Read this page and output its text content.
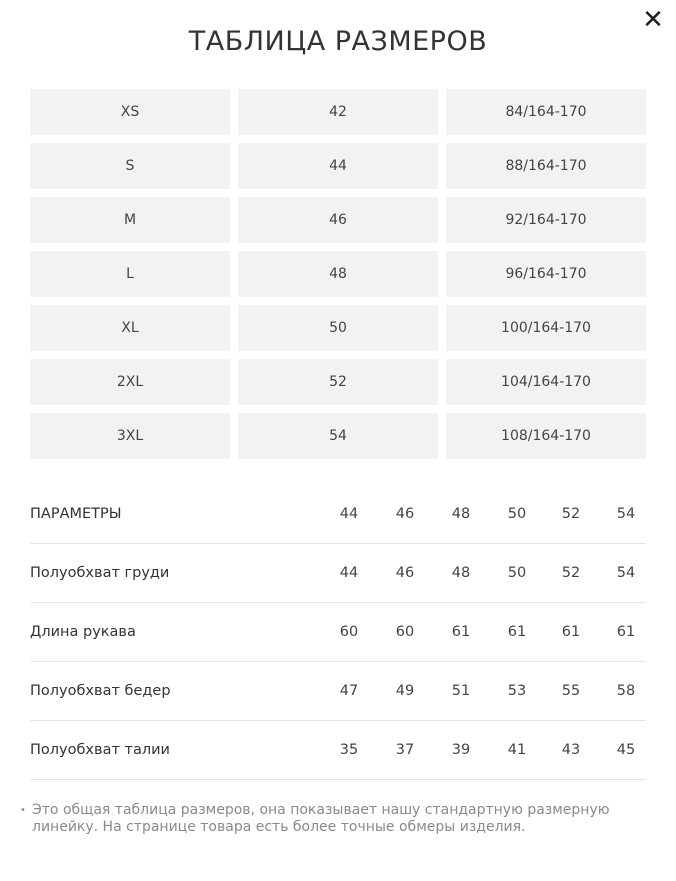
✕
ТАБЛИЦА РАЗМЕРОВ
XS	42	84/164-170
S	44	88/164-170
M	46	92/164-170
L	48	96/164-170
XL	50	100/164-170
2XL	52	104/164-170
3XL	54	108/164-170
ПАРАМЕТРЫ	44	46	48	50	52	54
Полуобхват груди	44	46	48	50	52	54
Длина рукава	60	60	61	61	61	61
Полуобхват бедер	47	49	51	53	55	58
Полуобхват талии	35	37	39	41	43	45
• Это общая таблица размеров, она показывает нашу стандартную размерную линейку. На странице товара есть более точные обмеры изделия.
